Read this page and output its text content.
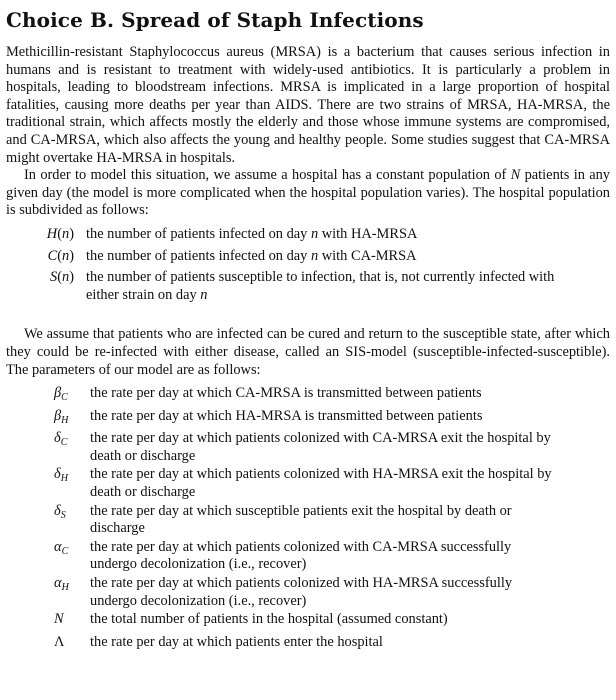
Choice B. Spread of Staph Infections

Methicillin-resistant Staphylococcus aureus (MRSA) is a bacterium that causes serious infection in humans and is resistant to treatment with widely-used antibiotics. It is particularly a problem in hospitals, leading to bloodstream infections. MRSA is implicated in a large proportion of hospital fatalities, causing more deaths per year than AIDS. There are two strains of MRSA, HA-MRSA, the traditional strain, which affects mostly the elderly and those whose immune systems are compromised, and CA-MRSA, which also affects the young and healthy people. Some studies suggest that CA-MRSA might overtake HA-MRSA in hospitals.

In order to model this situation, we assume a hospital has a constant population of N patients in any given day (the model is more complicated when the hospital population varies). The hospital population is subdivided as follows:

H(n) the number of patients infected on day n with HA-MRSA
C(n) the number of patients infected on day n with CA-MRSA
S(n) the number of patients susceptible to infection, that is, not currently infected with either strain on day n

We assume that patients who are infected can be cured and return to the susceptible state, after which they could be re-infected with either disease, called an SIS-model (susceptible-infected-susceptible). The parameters of our model are as follows:

$\beta_C$	the rate per day at which CA-MRSA is transmitted between patients
$\beta_H$	the rate per day at which HA-MRSA is transmitted between patients
$\delta_C$	the rate per day at which patients colonized with CA-MRSA exit the hospital by death or discharge
$\delta_H$	the rate per day at which patients colonized with HA-MRSA exit the hospital by death or discharge
$\delta_S$	the rate per day at which susceptible patients exit the hospital by death or discharge
$\alpha_C$	the rate per day at which patients colonized with CA-MRSA successfully undergo decolonization (i.e., recover)
$\alpha_H$	the rate per day at which patients colonized with HA-MRSA successfully undergo decolonization (i.e., recover)
N	the total number of patients in the hospital (assumed constant)
Λ	the rate per day at which patients enter the hospital
